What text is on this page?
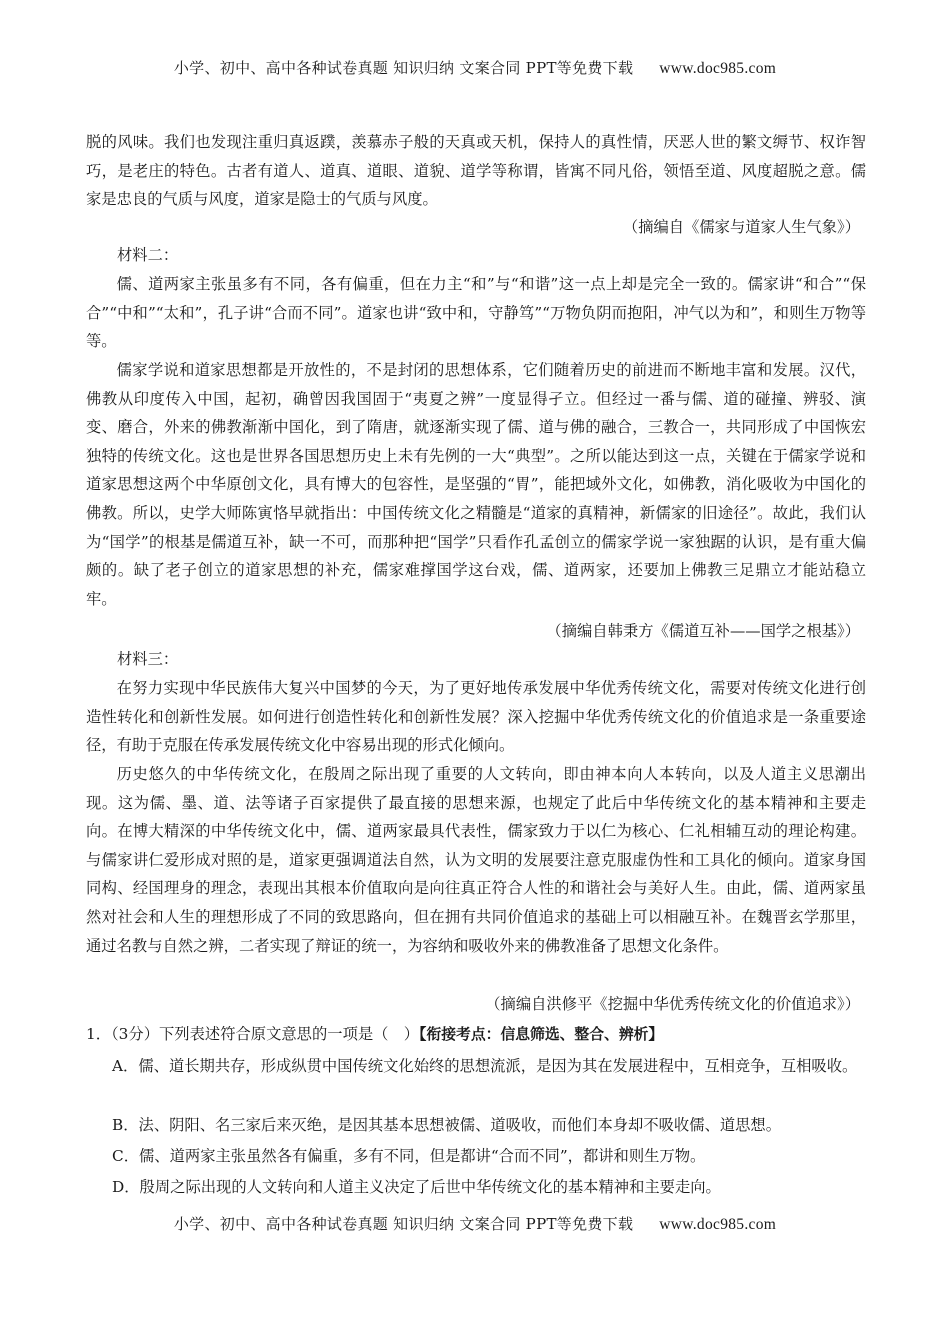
小学、初中、高中各种试卷真题 知识归纳 文案合同 PPT等免费下载 www.doc985.com
脱的风味。我们也发现注重归真返蹼，羡慕赤子般的天真或天机，保持人的真性情，厌恶人世的繁文缛节、权诈智巧，是老庄的特色。古者有道人、道真、道眼、道貌、道学等称谓，皆寓不同凡俗，领悟至道、风度超脱之意。儒家是忠良的气质与风度，道家是隐士的气质与风度。
（摘编自《儒家与道家人生气象》）
材料二：
儒、道两家主张虽多有不同，各有偏重，但在力主“和”与“和谐”这一点上却是完全一致的。儒家讲“和合”“保合”“中和”“太和”，孔子讲“合而不同”。道家也讲“致中和，守静笃”“万物负阴而抱阳，冲气以为和”，和则生万物等等。
儒家学说和道家思想都是开放性的，不是封闭的思想体系，它们随着历史的前进而不断地丰富和发展。汉代，佛教从印度传入中国，起初，确曾因我国固于“夷夏之辨”一度显得孑立。但经过一番与儒、道的碰撞、辨驳、演变、磨合，外来的佛教渐渐中国化，到了隋唐，就逐渐实现了儒、道与佛的融合，三教合一，共同形成了中国恢宏独特的传统文化。这也是世界各国思想历史上未有先例的一大“典型”。之所以能达到这一点，关键在于儒家学说和道家思想这两个中华原创文化，具有博大的包容性，是坚强的“胃”，能把域外文化，如佛教，消化吸收为中国化的佛教。所以，史学大师陈寅恪早就指出：中国传统文化之精髓是“道家的真精神，新儒家的旧途径”。故此，我们认为“国学”的根基是儒道互补，缺一不可，而那种把“国学”只看作孔孟创立的儒家学说一家独踞的认识，是有重大偏颇的。缺了老子创立的道家思想的补充，儒家难撑国学这台戏，儒、道两家，还要加上佛教三足鼎立才能站稳立牢。
（摘编自韩秉方《儒道互补——国学之根基》）
材料三：
在努力实现中华民族伟大复兴中国梦的今天，为了更好地传承发展中华优秀传统文化，需要对传统文化进行创造性转化和创新性发展。如何进行创造性转化和创新性发展？深入挖掘中华优秀传统文化的价值追求是一条重要途径，有助于克服在传承发展传统文化中容易出现的形式化倾向。
历史悠久的中华传统文化，在殷周之际出现了重要的人文转向，即由神本向人本转向，以及人道主义思潮出现。这为儒、墨、道、法等诸子百家提供了最直接的思想来源，也规定了此后中华传统文化的基本精神和主要走向。在博大精深的中华传统文化中，儒、道两家最具代表性，儒家致力于以仁为核心、仁礼相辅互动的理论构建。与儒家讲仁爱形成对照的是，道家更强调道法自然，认为文明的发展要注意克服虚伪性和工具化的倾向。道家身国同构、经国理身的理念，表现出其根本价值取向是向往真正符合人性的和谐社会与美好人生。由此，儒、道两家虽然对社会和人生的理想形成了不同的致思路向，但在拥有共同价值追求的基础上可以相融互补。在魏晋玄学那里，通过名教与自然之辨，二者实现了辩证的统一，为容纳和吸收外来的佛教准备了思想文化条件。
（摘编自洪修平《挖掘中华优秀传统文化的价值追求》）
1．（3分）下列表述符合原文意思的一项是（　）【衔接考点：信息筛选、整合、辨析】
A．儒、道长期共存，形成纵贯中国传统文化始终的思想流派，是因为其在发展进程中，互相竞争，互相吸收。
B．法、阴阳、名三家后来灭绝，是因其基本思想被儒、道吸收，而他们本身却不吸收儒、道思想。
C．儒、道两家主张虽然各有偏重，多有不同，但是都讲“合而不同”，都讲和则生万物。
D．殷周之际出现的人文转向和人道主义决定了后世中华传统文化的基本精神和主要走向。
小学、初中、高中各种试卷真题 知识归纳 文案合同 PPT等免费下载 www.doc985.com
